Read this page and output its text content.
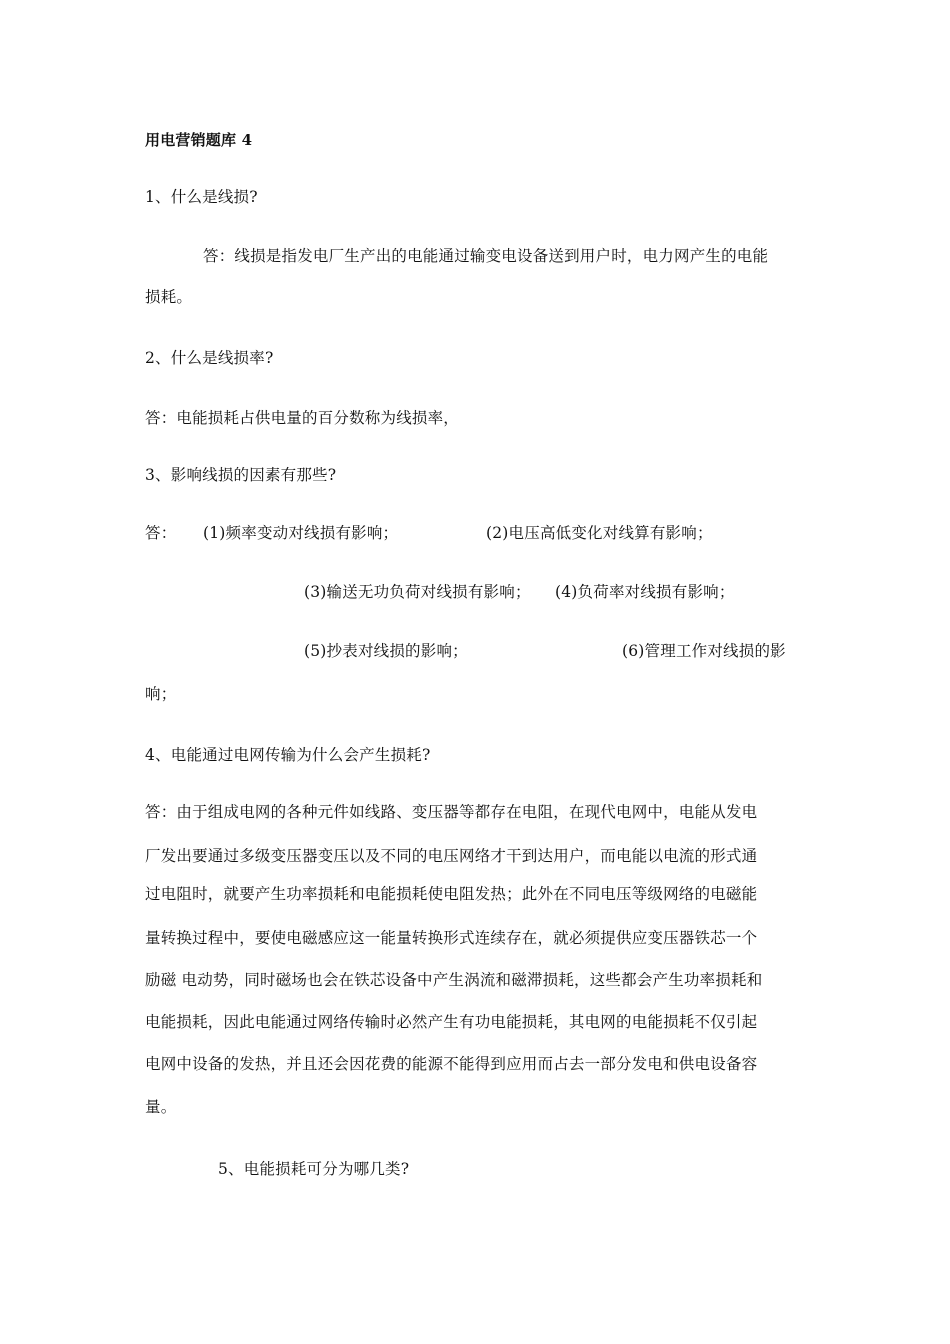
用电营销题库 4
1、什么是线损?
答：线损是指发电厂生产出的电能通过输变电设备送到用户时，电力网产生的电能
损耗。
2、什么是线损率?
答：电能损耗占供电量的百分数称为线损率，
3、影响线损的因素有那些?
答： (1)频率变动对线损有影响；	(2)电压高低变化对线算有影响；
(3)输送无功负荷对线损有影响； (4)负荷率对线损有影响；
(5)抄表对线损的影响；	(6)管理工作对线损的影
响；
4、电能通过电网传输为什么会产生损耗?
答：由于组成电网的各种元件如线路、变压器等都存在电阻，在现代电网中，电能从发电
厂发出要通过多级变压器变压以及不同的电压网络才干到达用户，而电能以电流的形式通
过电阻时，就要产生功率损耗和电能损耗使电阻发热；此外在不同电压等级网络的电磁能
量转换过程中，要使电磁感应这一能量转换形式连续存在，就必须提供应变压器铁芯一个
励磁 电动势，同时磁场也会在铁芯设备中产生涡流和磁滞损耗，这些都会产生功率损耗和
电能损耗，因此电能通过网络传输时必然产生有功电能损耗，其电网的电能损耗不仅引起
电网中设备的发热，并且还会因花费的能源不能得到应用而占去一部分发电和供电设备容
量。
5、电能损耗可分为哪几类?
